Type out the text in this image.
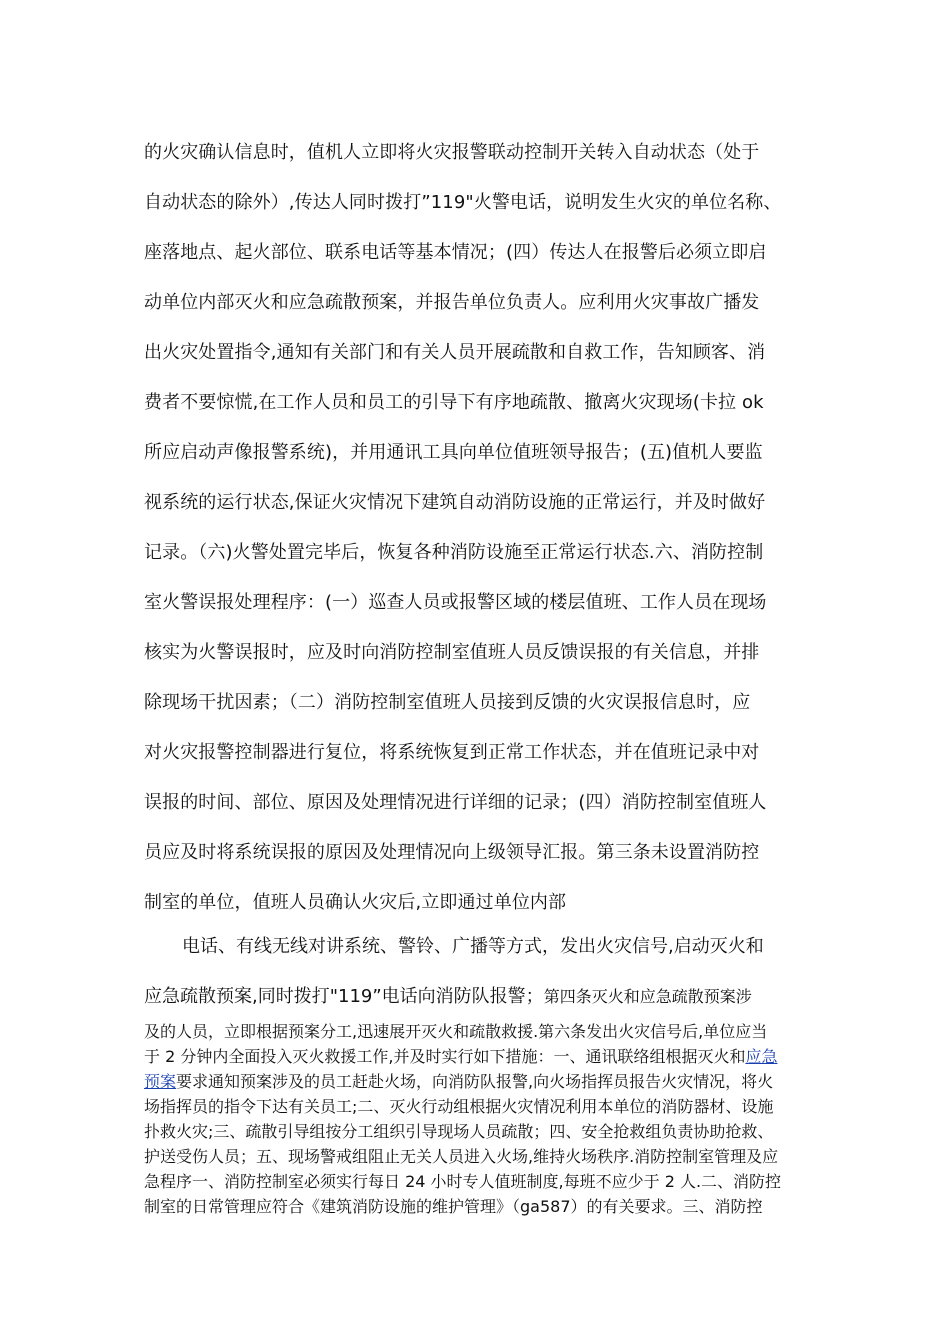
的火灾确认信息时，值机人立即将火灾报警联动控制开关转入自动状态（处于
自动状态的除外）,传达人同时拨打”119"火警电话，说明发生火灾的单位名称、
座落地点、起火部位、联系电话等基本情况；(四）传达人在报警后必须立即启
动单位内部灭火和应急疏散预案，并报告单位负责人。应利用火灾事故广播发
出火灾处置指令,通知有关部门和有关人员开展疏散和自救工作，告知顾客、消
费者不要惊慌,在工作人员和员工的引导下有序地疏散、撤离火灾现场(卡拉 ok
所应启动声像报警系统)，并用通讯工具向单位值班领导报告；(五)值机人要监
视系统的运行状态,保证火灾情况下建筑自动消防设施的正常运行，并及时做好
记录。（六)火警处置完毕后，恢复各种消防设施至正常运行状态.六、消防控制
室火警误报处理程序：(一）巡查人员或报警区域的楼层值班、工作人员在现场
核实为火警误报时，应及时向消防控制室值班人员反馈误报的有关信息，并排
除现场干扰因素；（二）消防控制室值班人员接到反馈的火灾误报信息时，应
对火灾报警控制器进行复位，将系统恢复到正常工作状态，并在值班记录中对
误报的时间、部位、原因及处理情况进行详细的记录；(四）消防控制室值班人
员应及时将系统误报的原因及处理情况向上级领导汇报。第三条未设置消防控
制室的单位，值班人员确认火灾后,立即通过单位内部
电话、有线无线对讲系统、警铃、广播等方式，发出火灾信号,启动灭火和
应急疏散预案,同时拨打"119”电话向消防队报警；第四条灭火和应急疏散预案涉
及的人员，立即根据预案分工,迅速展开灭火和疏散救援.第六条发出火灾信号后,单位应当
于 2 分钟内全面投入灭火救援工作,并及时实行如下措施：一、通讯联络组根据灭火和应急
预案要求通知预案涉及的员工赶赴火场，向消防队报警,向火场指挥员报告火灾情况，将火
场指挥员的指令下达有关员工;二、灭火行动组根据火灾情况利用本单位的消防器材、设施
扑救火灾;三、疏散引导组按分工组织引导现场人员疏散；四、安全抢救组负责协助抢救、
护送受伤人员；五、现场警戒组阻止无关人员进入火场,维持火场秩序.消防控制室管理及应
急程序一、消防控制室必须实行每日 24 小时专人值班制度,每班不应少于 2 人.二、消防控
制室的日常管理应符合《建筑消防设施的维护管理》（ga587）的有关要求。三、消防控
